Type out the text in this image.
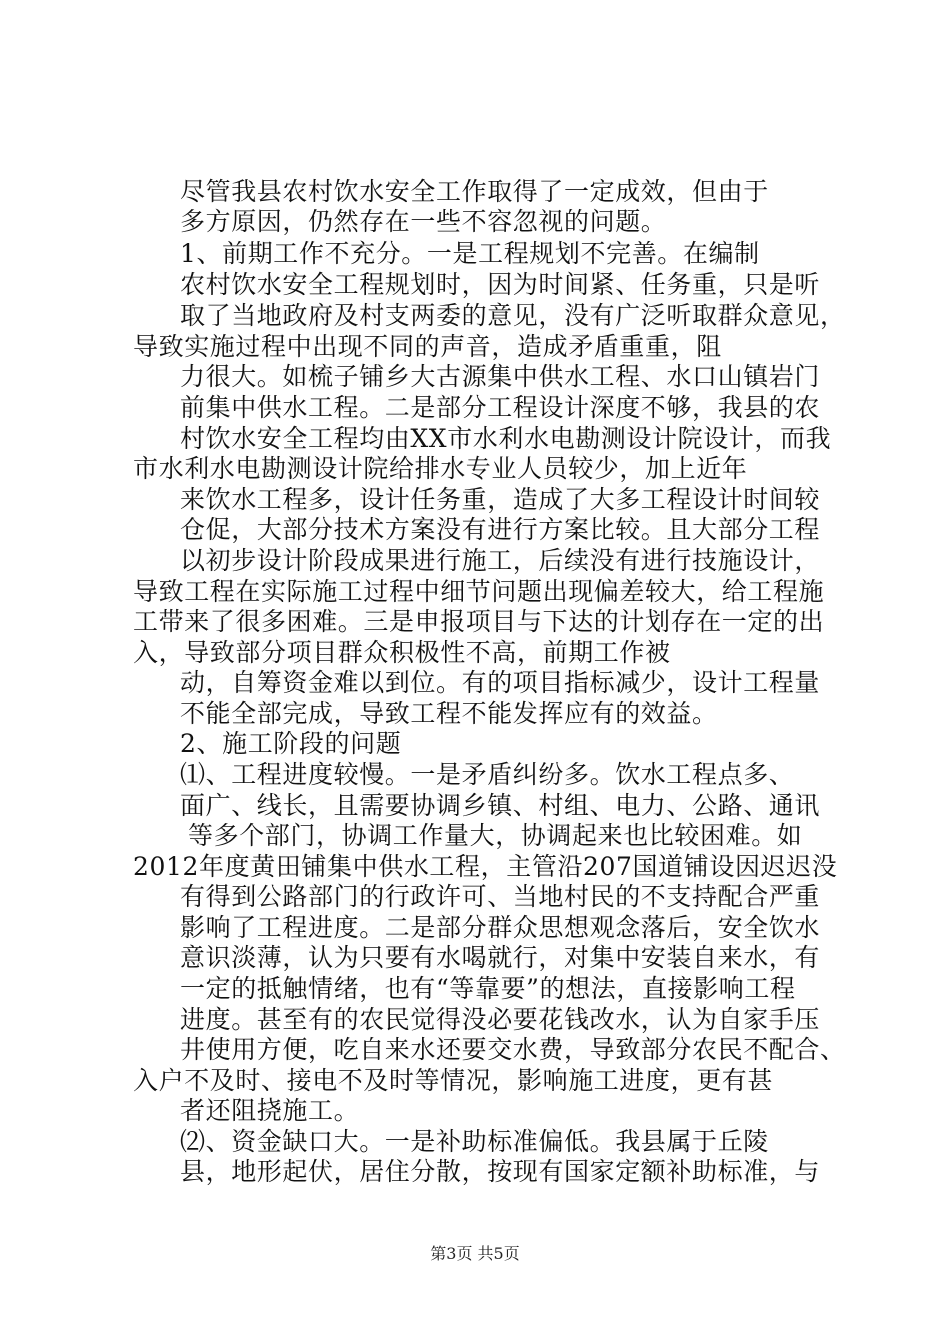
尽管我县农村饮水安全工作取得了一定成效，但由于
多方原因，仍然存在一些不容忽视的问题。
1、前期工作不充分。一是工程规划不完善。在编制
农村饮水安全工程规划时，因为时间紧、任务重，只是听
取了当地政府及村支两委的意见，没有广泛听取群众意见，
导致实施过程中出现不同的声音，造成矛盾重重，阻
力很大。如梳子铺乡大古源集中供水工程、水口山镇岩门
前集中供水工程。二是部分工程设计深度不够，我县的农
村饮水安全工程均由XX市水利水电勘测设计院设计，而我
市水利水电勘测设计院给排水专业人员较少，加上近年
来饮水工程多，设计任务重，造成了大多工程设计时间较
仓促，大部分技术方案没有进行方案比较。且大部分工程
以初步设计阶段成果进行施工，后续没有进行技施设计，
导致工程在实际施工过程中细节问题出现偏差较大，给工程施
工带来了很多困难。三是申报项目与下达的计划存在一定的出
入，导致部分项目群众积极性不高，前期工作被
动，自筹资金难以到位。有的项目指标减少，设计工程量
不能全部完成，导致工程不能发挥应有的效益。
2、施工阶段的问题
⑴、工程进度较慢。一是矛盾纠纷多。饮水工程点多、
面广、线长，且需要协调乡镇、村组、电力、公路、通讯
等多个部门，协调工作量大，协调起来也比较困难。如
2012年度黄田铺集中供水工程，主管沿207国道铺设因迟迟没
有得到公路部门的行政许可、当地村民的不支持配合严重
影响了工程进度。二是部分群众思想观念落后，安全饮水
意识淡薄，认为只要有水喝就行，对集中安装自来水，有
一定的抵触情绪，也有“等靠要”的想法，直接影响工程
进度。甚至有的农民觉得没必要花钱改水，认为自家手压
井使用方便，吃自来水还要交水费，导致部分农民不配合、
入户不及时、接电不及时等情况，影响施工进度，更有甚
者还阻挠施工。
⑵、资金缺口大。一是补助标准偏低。我县属于丘陵
县，地形起伏，居住分散，按现有国家定额补助标准，与
第3页 共5页
